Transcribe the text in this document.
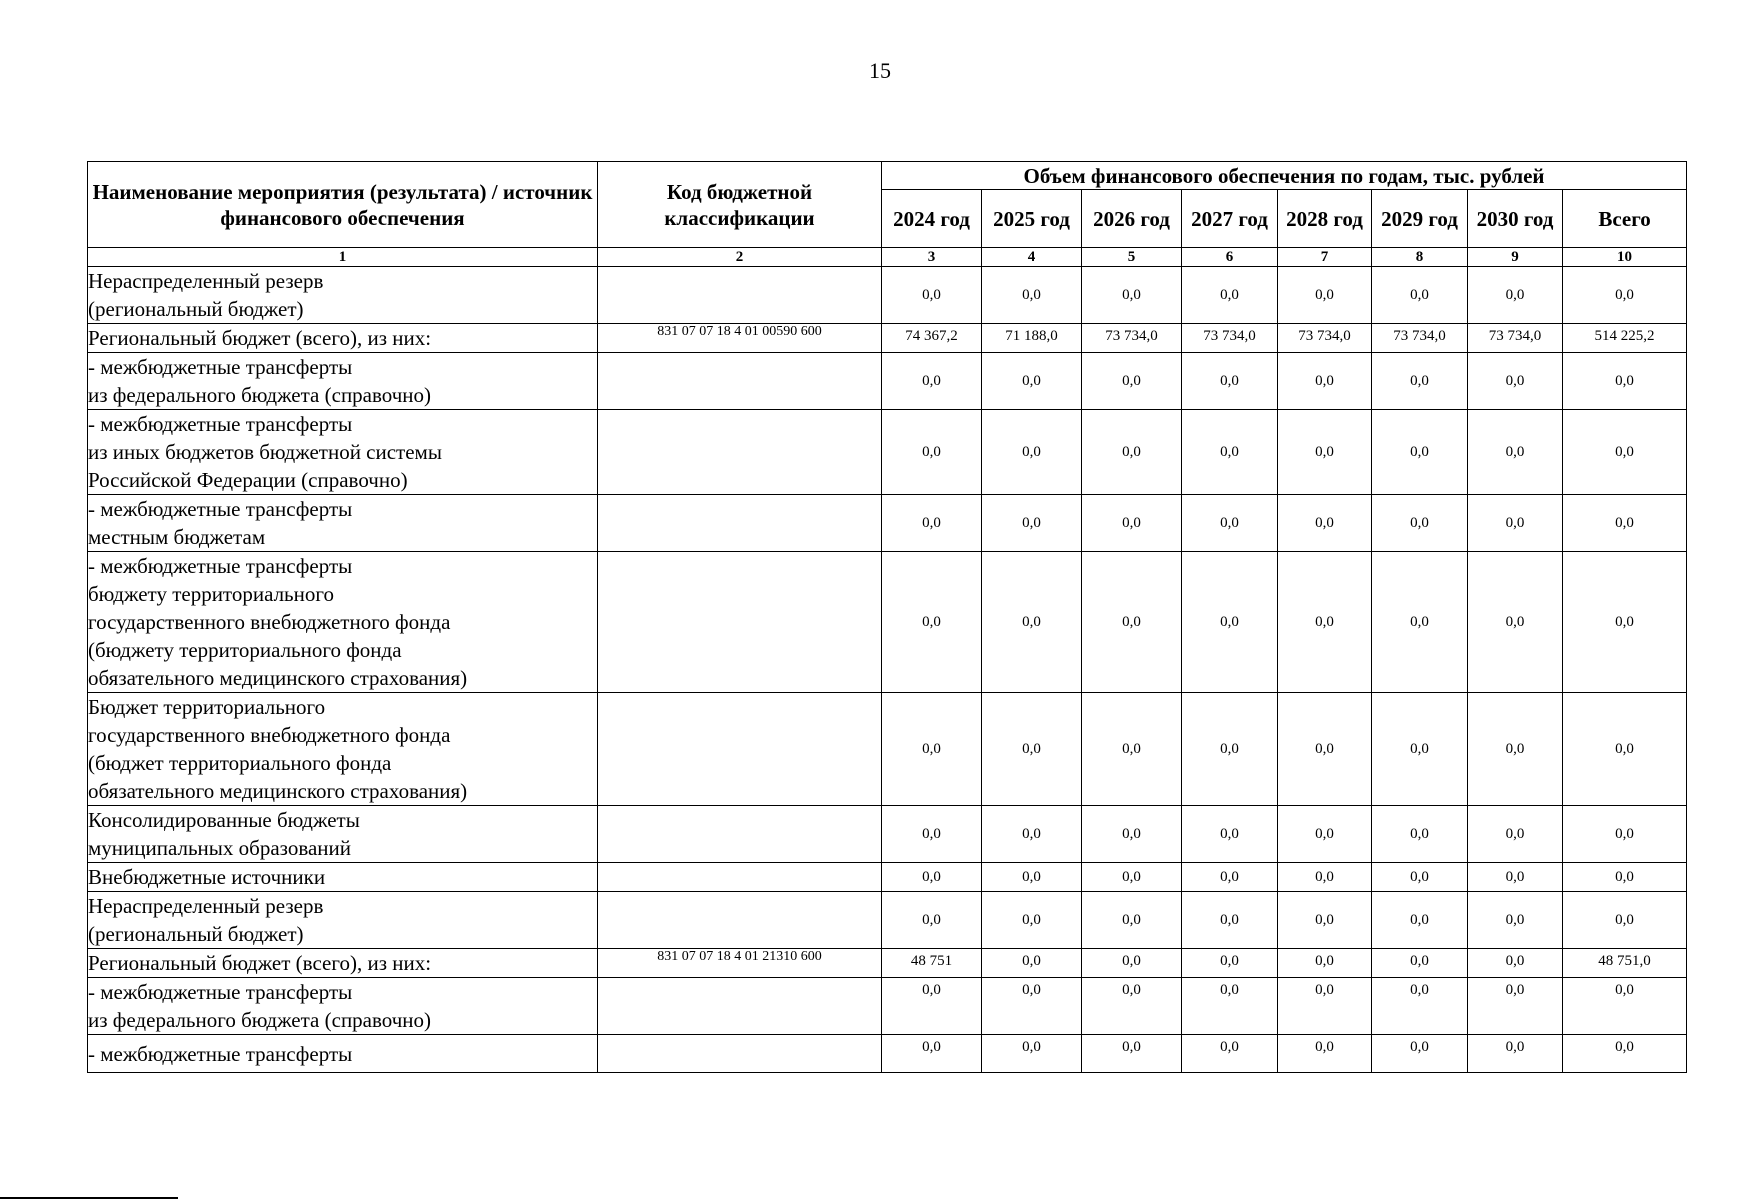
15
Наименование мероприятия (результата) / источник финансового обеспечения	Код бюджетной классификации	Объем финансового обеспечения по годам, тыс. рублей							
		2024 год	2025 год	2026 год	2027 год	2028 год	2029 год	2030 год	Всего
1	2	3	4	5	6	7	8	9	10
Нераспределенный резерв
(региональный бюджет)		0,0	0,0	0,0	0,0	0,0	0,0	0,0	0,0
Региональный бюджет (всего), из них:	831 07 07 18 4 01 00590 600	74 367,2	71 188,0	73 734,0	73 734,0	73 734,0	73 734,0	73 734,0	514 225,2
- межбюджетные трансферты
из федерального бюджета (справочно)		0,0	0,0	0,0	0,0	0,0	0,0	0,0	0,0
- межбюджетные трансферты
из иных бюджетов бюджетной системы
Российской Федерации (справочно)		0,0	0,0	0,0	0,0	0,0	0,0	0,0	0,0
- межбюджетные трансферты
местным бюджетам		0,0	0,0	0,0	0,0	0,0	0,0	0,0	0,0
- межбюджетные трансферты
бюджету территориального
государственного внебюджетного фонда
(бюджету территориального фонда
обязательного медицинского страхования)		0,0	0,0	0,0	0,0	0,0	0,0	0,0	0,0
Бюджет территориального
государственного внебюджетного фонда
(бюджет территориального фонда
обязательного медицинского страхования)		0,0	0,0	0,0	0,0	0,0	0,0	0,0	0,0
Консолидированные бюджеты
муниципальных образований		0,0	0,0	0,0	0,0	0,0	0,0	0,0	0,0
Внебюджетные источники		0,0	0,0	0,0	0,0	0,0	0,0	0,0	0,0
Нераспределенный резерв
(региональный бюджет)		0,0	0,0	0,0	0,0	0,0	0,0	0,0	0,0
Региональный бюджет (всего), из них:	831 07 07 18 4 01 21310 600	48 751	0,0	0,0	0,0	0,0	0,0	0,0	48 751,0
- межбюджетные трансферты
из федерального бюджета (справочно)		0,0	0,0	0,0	0,0	0,0	0,0	0,0	0,0
- межбюджетные трансферты		0,0	0,0	0,0	0,0	0,0	0,0	0,0	0,0
